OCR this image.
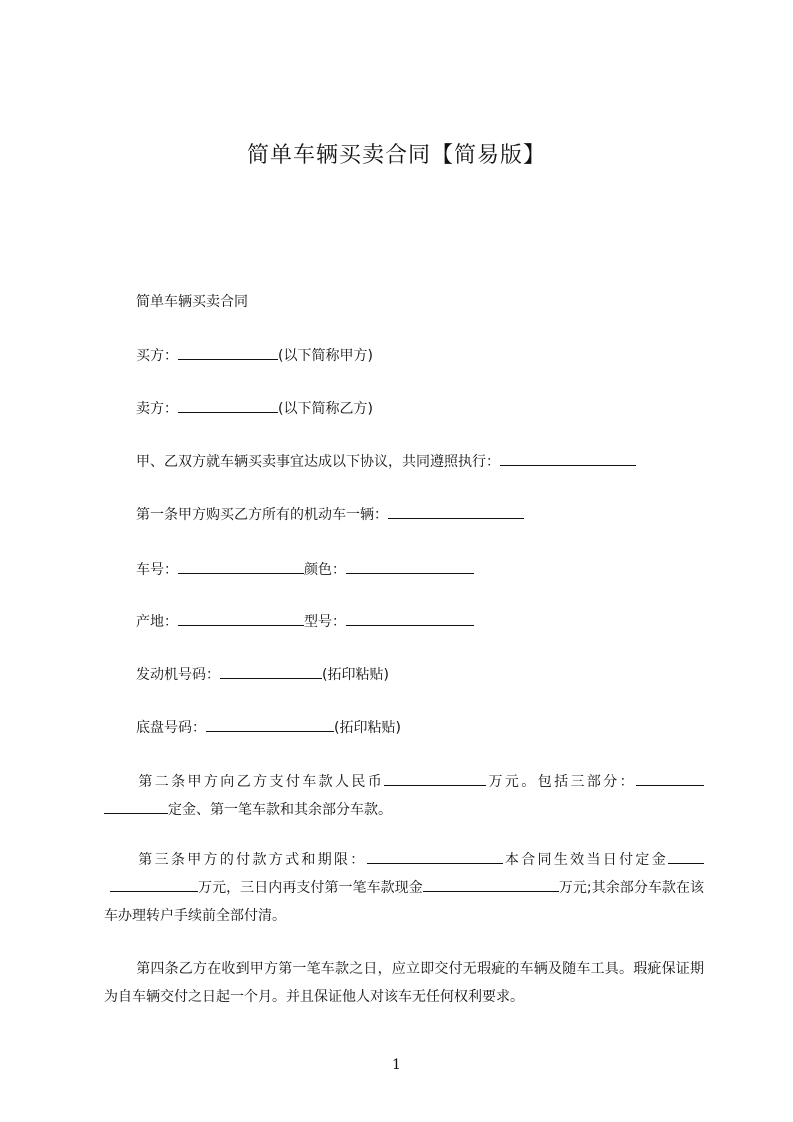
简单车辆买卖合同【简易版】
简单车辆买卖合同
买方：	(以下简称甲方)
卖方：	(以下简称乙方)
甲、乙双方就车辆买卖事宜达成以下协议，共同遵照执行：
第一条甲方购买乙方所有的机动车一辆：
车号：	颜色：
产地：	型号：
发动机号码：	(拓印粘贴)
底盘号码：	(拓印粘贴)
第二条甲方向乙方支付车款人民币	万元。包括三部分：定金、第一笔车款和其余部分车款。
第三条甲方的付款方式和期限：	本合同生效当日付定金万元，三日内再支付第一笔车款现金	万元;其余部分车款在该车办理转户手续前全部付清。
第四条乙方在收到甲方第一笔车款之日，应立即交付无瑕疵的车辆及随车工具。瑕疵保证期为自车辆交付之日起一个月。并且保证他人对该车无任何权利要求。
1
